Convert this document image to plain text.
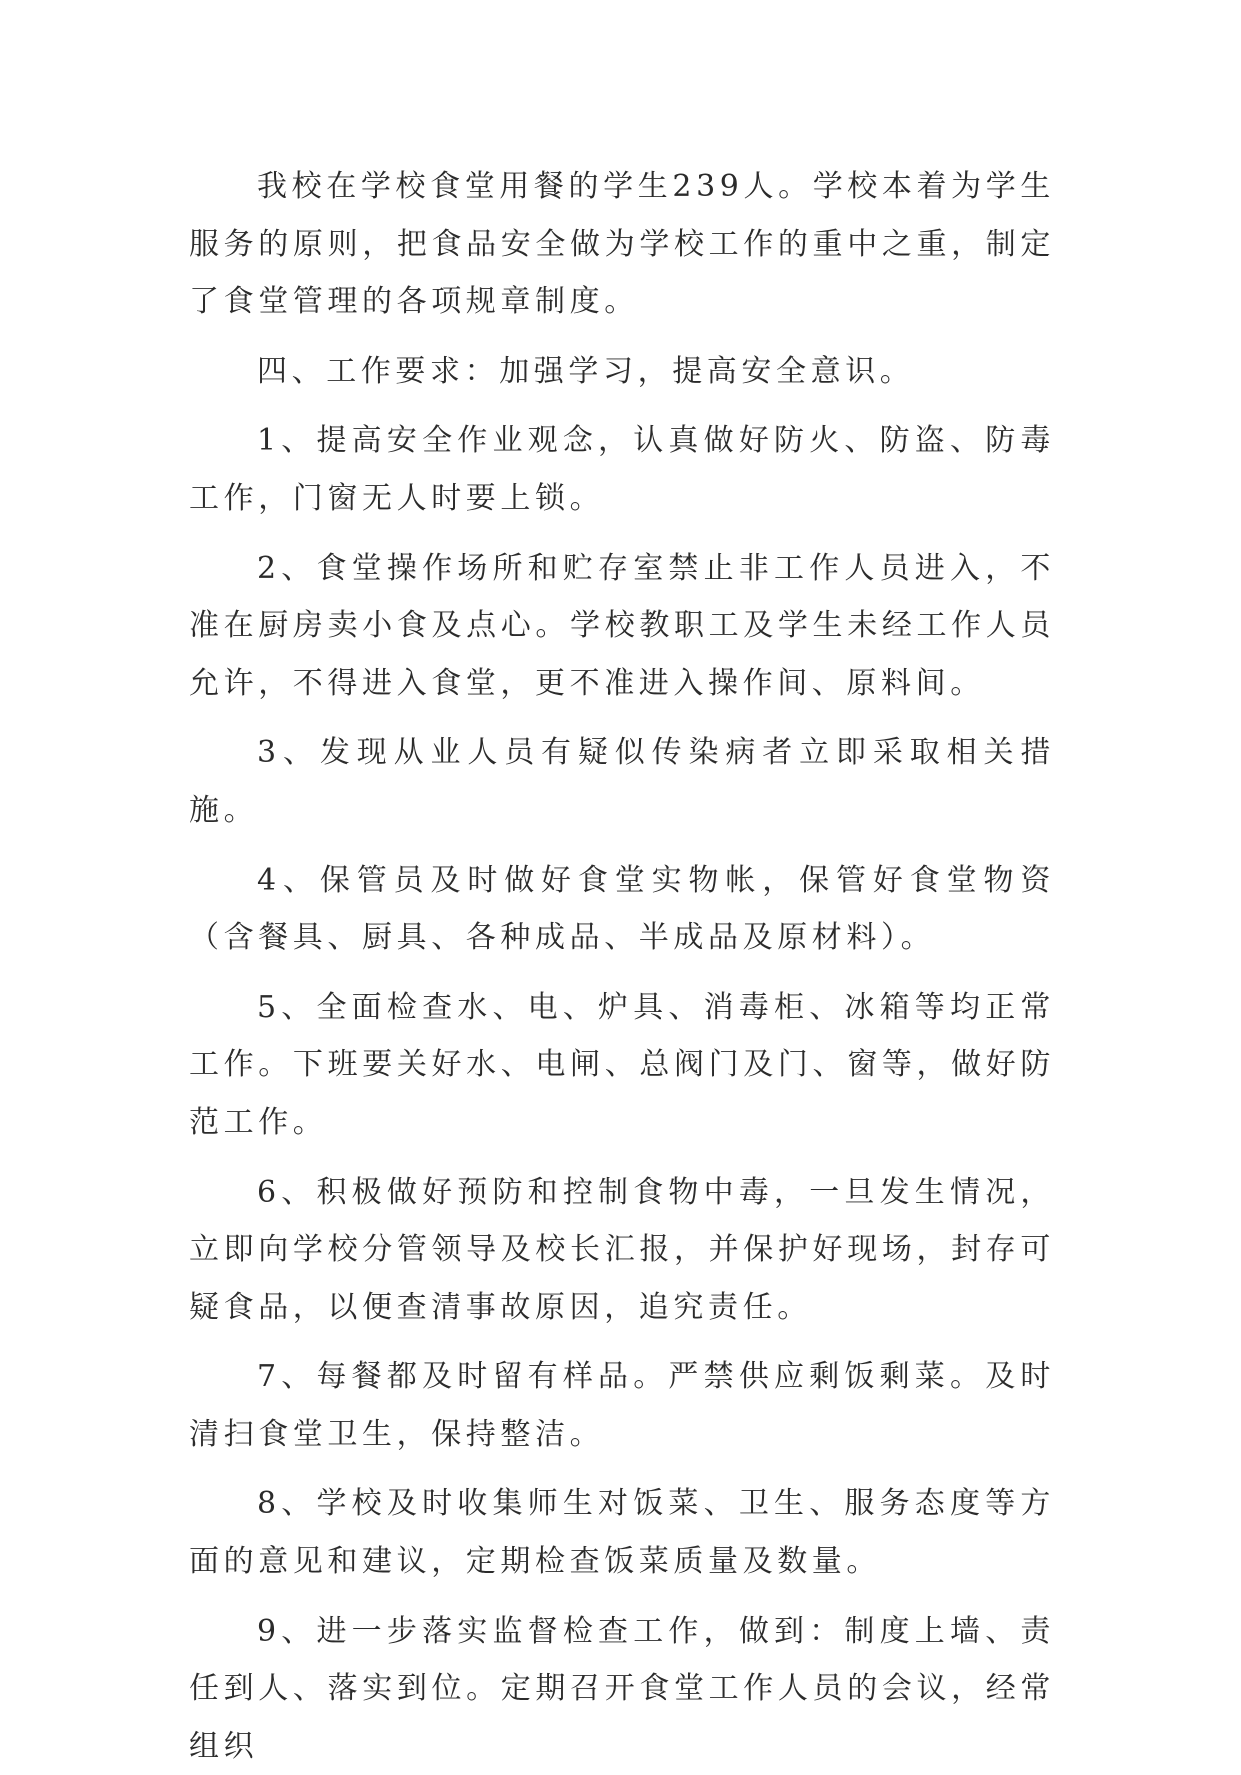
我校在学校食堂用餐的学生239人。学校本着为学生服务的原则，把食品安全做为学校工作的重中之重，制定了食堂管理的各项规章制度。

四、工作要求：加强学习，提高安全意识。

1、提高安全作业观念，认真做好防火、防盗、防毒工作，门窗无人时要上锁。

2、食堂操作场所和贮存室禁止非工作人员进入，不准在厨房卖小食及点心。学校教职工及学生未经工作人员允许，不得进入食堂，更不准进入操作间、原料间。

3、发现从业人员有疑似传染病者立即采取相关措施。

4、保管员及时做好食堂实物帐，保管好食堂物资（含餐具、厨具、各种成品、半成品及原材料）。

5、全面检查水、电、炉具、消毒柜、冰箱等均正常工作。下班要关好水、电闸、总阀门及门、窗等，做好防范工作。

6、积极做好预防和控制食物中毒，一旦发生情况，立即向学校分管领导及校长汇报，并保护好现场，封存可疑食品，以便查清事故原因，追究责任。

7、每餐都及时留有样品。严禁供应剩饭剩菜。及时清扫食堂卫生，保持整洁。

8、学校及时收集师生对饭菜、卫生、服务态度等方面的意见和建议，定期检查饭菜质量及数量。

9、进一步落实监督检查工作，做到：制度上墙、责任到人、落实到位。定期召开食堂工作人员的会议，经常组织
